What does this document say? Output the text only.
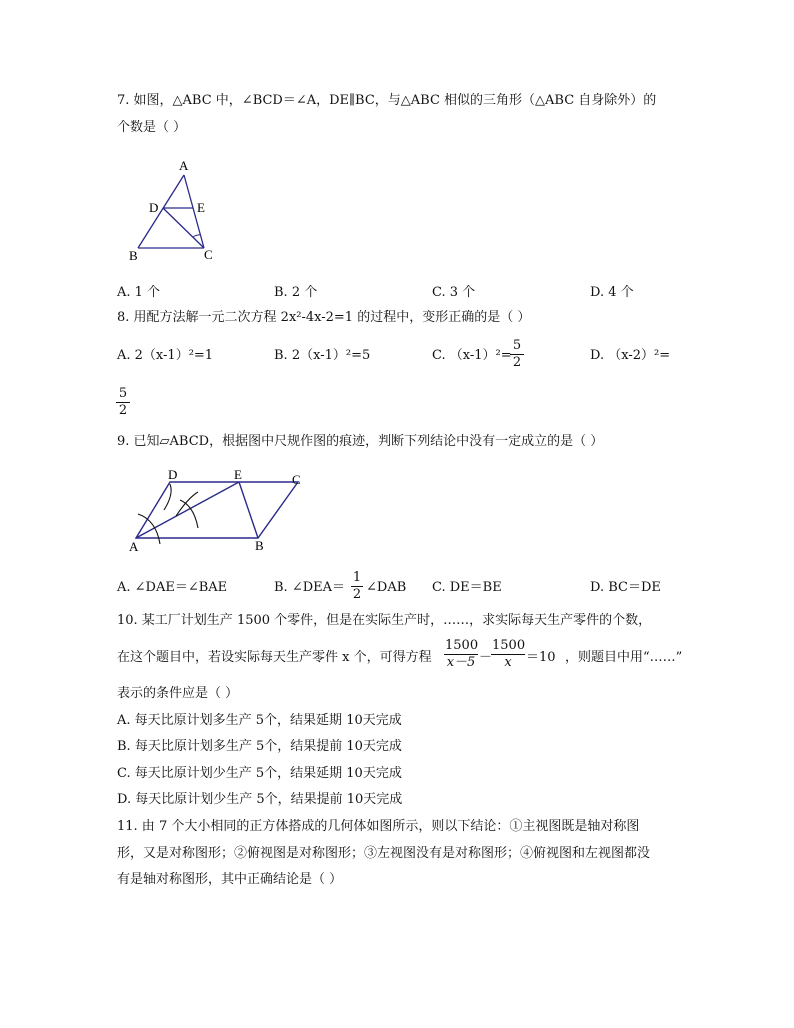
7. 如图，△ABC 中，∠BCD＝∠A，DE∥BC，与△ABC 相似的三角形（△ABC 自身除外）的
个数是（ ）
A
D	E
B	C
A. 1 个	B. 2 个	C. 3 个	D. 4 个
8. 用配方法解一元二次方程 2x²-4x-2=1 的过程中，变形正确的是（ ）
A. 2（x-1）²=1	B. 2（x-1）²=5	C. （x-1）²=
$\frac{5}{2}$	D. （x-2）²=
$\frac{5}{2}$
9. 已知▱ABCD，根据图中尺规作图的痕迹，判断下列结论中没有一定成立的是（ ）
D	E	C
A	B
A. ∠DAE＝∠BAE	B. ∠DEA＝ $\frac{1}{2}$ ∠DAB C. DE＝BE	D. BC＝DE
10. 某工厂计划生产 1500 个零件，但是在实际生产时，……，求实际每天生产零件的个数，
在这个题目中，若设实际每天生产零件 x 个，可得方程 $\frac{1500}{x-5}$ －
$\frac{1500}{x} =10$ ，则题目中用“……”
表示的条件应是（ ）
A. 每天比原计划多生产 5个，结果延期 10天完成
B. 每天比原计划多生产 5个，结果提前 10天完成
C. 每天比原计划少生产 5个，结果延期 10天完成
D. 每天比原计划少生产 5个，结果提前 10天完成
11. 由 7 个大小相同的正方体搭成的几何体如图所示，则以下结论：①主视图既是轴对称图
形，又是对称图形；②俯视图是对称图形；③左视图没有是对称图形；④俯视图和左视图都没
有是轴对称图形，其中正确结论是（ ）
